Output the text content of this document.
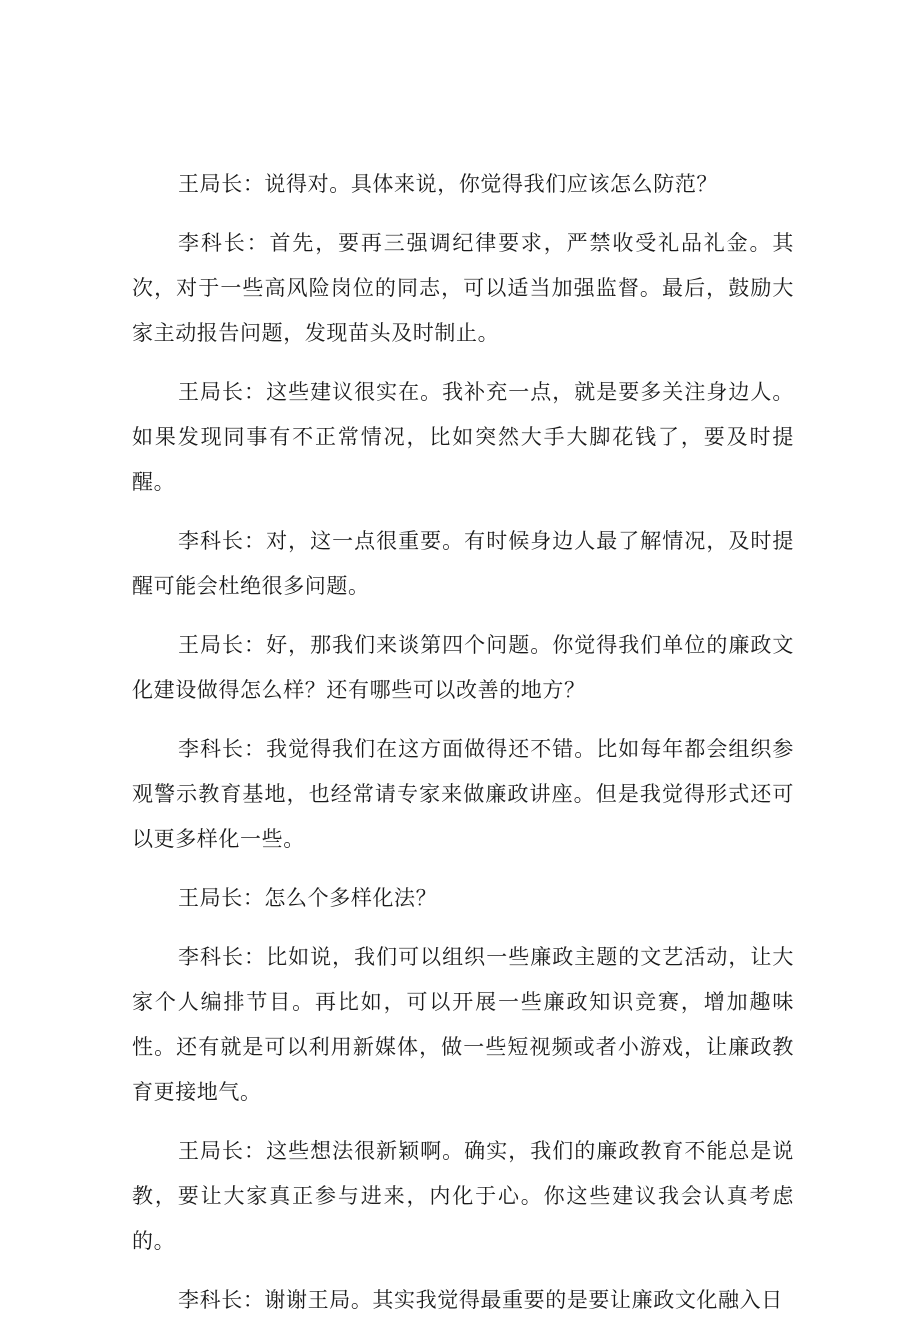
王局长：说得对。具体来说，你觉得我们应该怎么防范？

李科长：首先，要再三强调纪律要求，严禁收受礼品礼金。其次，对于一些高风险岗位的同志，可以适当加强监督。最后，鼓励大家主动报告问题，发现苗头及时制止。

王局长：这些建议很实在。我补充一点，就是要多关注身边人。如果发现同事有不正常情况，比如突然大手大脚花钱了，要及时提醒。

李科长：对，这一点很重要。有时候身边人最了解情况，及时提醒可能会杜绝很多问题。

王局长：好，那我们来谈第四个问题。你觉得我们单位的廉政文化建设做得怎么样？还有哪些可以改善的地方？

李科长：我觉得我们在这方面做得还不错。比如每年都会组织参观警示教育基地，也经常请专家来做廉政讲座。但是我觉得形式还可以更多样化一些。

王局长：怎么个多样化法？

李科长：比如说，我们可以组织一些廉政主题的文艺活动，让大家个人编排节目。再比如，可以开展一些廉政知识竞赛，增加趣味性。还有就是可以利用新媒体，做一些短视频或者小游戏，让廉政教育更接地气。

王局长：这些想法很新颖啊。确实，我们的廉政教育不能总是说教，要让大家真正参与进来，内化于心。你这些建议我会认真考虑的。

李科长：谢谢王局。其实我觉得最重要的是要让廉政文化融入日
